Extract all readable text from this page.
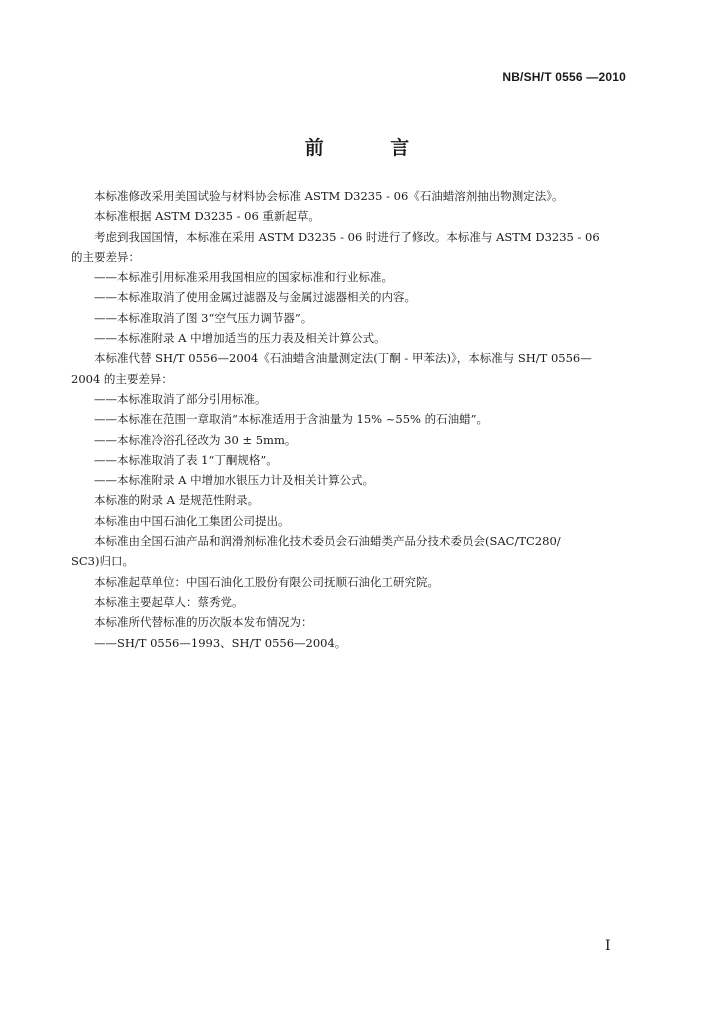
NB/SH/T 0556 —2010
前 言
本标准修改采用美国试验与材料协会标准 ASTM D3235 - 06《石油蜡溶剂抽出物测定法》。
本标准根据 ASTM D3235 - 06 重新起草。
考虑到我国国情，本标准在采用 ASTM D3235 - 06 时进行了修改。本标准与 ASTM D3235 - 06
的主要差异：
——本标准引用标准采用我国相应的国家标准和行业标准。
——本标准取消了使用金属过滤器及与金属过滤器相关的内容。
——本标准取消了图 3“空气压力调节器”。
——本标准附录 A 中增加适当的压力表及相关计算公式。
本标准代替 SH/T 0556—2004《石油蜡含油量测定法(丁酮 - 甲苯法)》，本标准与 SH/T 0556—
2004 的主要差异：
——本标准取消了部分引用标准。
——本标准在范围一章取消“本标准适用于含油量为 15% ~55% 的石油蜡”。
——本标准冷浴孔径改为 30 ± 5mm。
——本标准取消了表 1“丁酮规格”。
——本标准附录 A 中增加水银压力计及相关计算公式。
本标准的附录 A 是规范性附录。
本标准由中国石油化工集团公司提出。
本标准由全国石油产品和润滑剂标准化技术委员会石油蜡类产品分技术委员会(SAC/TC280/
SC3)归口。
本标准起草单位：中国石油化工股份有限公司抚顺石油化工研究院。
本标准主要起草人：蔡秀党。
本标准所代替标准的历次版本发布情况为：
——SH/T 0556—1993、SH/T 0556—2004。
I
